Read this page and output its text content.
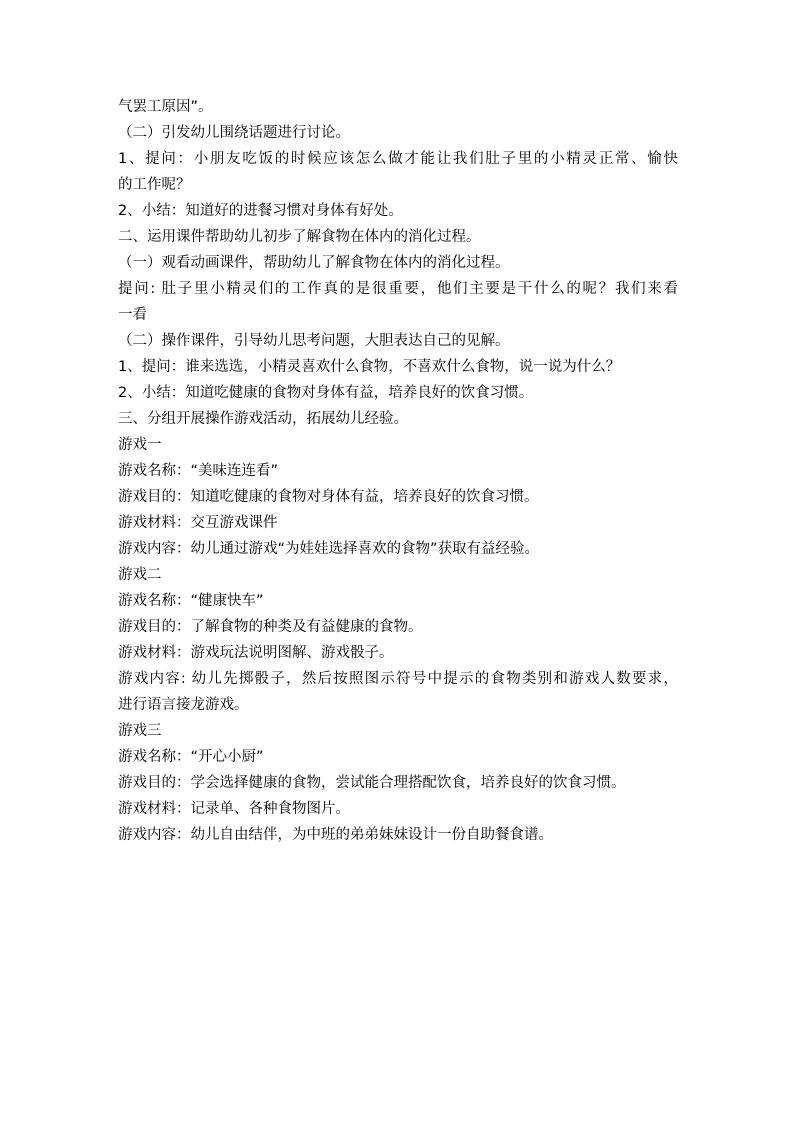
气罢工原因”。

（二）引发幼儿围绕话题进行讨论。

1、提问：小朋友吃饭的时候应该怎么做才能让我们肚子里的小精灵正常、愉快

的工作呢？

2、小结：知道好的进餐习惯对身体有好处。

二、运用课件帮助幼儿初步了解食物在体内的消化过程。

（一）观看动画课件，帮助幼儿了解食物在体内的消化过程。

提问: 肚子里小精灵们的工作真的是很重要，他们主要是干什么的呢？我们来看

一看

（二）操作课件，引导幼儿思考问题，大胆表达自己的见解。

1、提问：谁来选选，小精灵喜欢什么食物，不喜欢什么食物，说一说为什么？

2、小结：知道吃健康的食物对身体有益，培养良好的饮食习惯。

三、分组开展操作游戏活动，拓展幼儿经验。

游戏一

游戏名称：“美味连连看”

游戏目的：知道吃健康的食物对身体有益，培养良好的饮食习惯。

游戏材料：交互游戏课件

游戏内容：幼儿通过游戏“为娃娃选择喜欢的食物”获取有益经验。

游戏二

游戏名称：“健康快车”

游戏目的：了解食物的种类及有益健康的食物。

游戏材料：游戏玩法说明图解、游戏骰子。

游戏内容: 幼儿先掷骰子，然后按照图示符号中提示的食物类别和游戏人数要求，

进行语言接龙游戏。

游戏三

游戏名称：“开心小厨”

游戏目的：学会选择健康的食物，尝试能合理搭配饮食，培养良好的饮食习惯。

游戏材料：记录单、各种食物图片。

游戏内容：幼儿自由结伴，为中班的弟弟妹妹设计一份自助餐食谱。
